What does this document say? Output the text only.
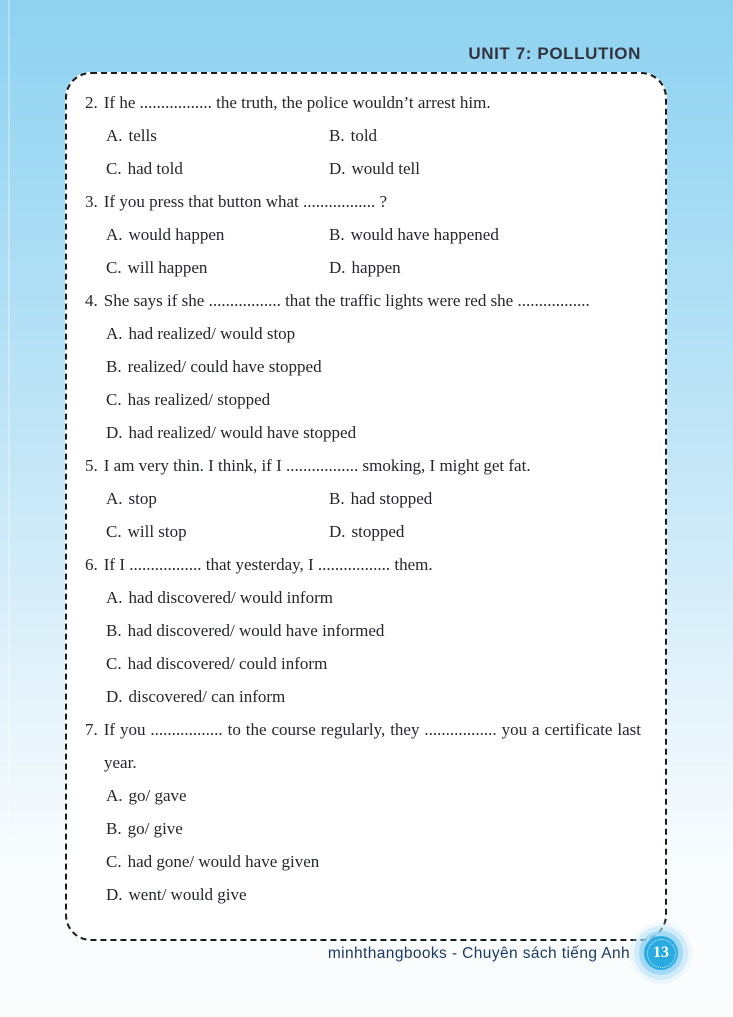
UNIT 7: POLLUTION
2. If he ................. the truth, the police wouldn’t arrest him.
A. tells	B. told
C. had told	D. would tell
3. If you press that button what ................. ?
A. would happen	B. would have happened
C. will happen	D. happen
4. She says if she ................. that the traffic lights were red she .................
A. had realized/ would stop
B. realized/ could have stopped
C. has realized/ stopped
D. had realized/ would have stopped
5. I am very thin. I think, if I ................. smoking, I might get fat.
A. stop	B. had stopped
C. will stop	D. stopped
6. If I ................. that yesterday, I ................. them.
A. had discovered/ would inform
B. had discovered/ would have informed
C. had discovered/ could inform
D. discovered/ can inform
7. If you ................. to the course regularly, they ................. you a certificate last year.
A. go/ gave
B. go/ give
C. had gone/ would have given
D. went/ would give
minhthangbooks - Chuyên sách tiếng Anh 13
